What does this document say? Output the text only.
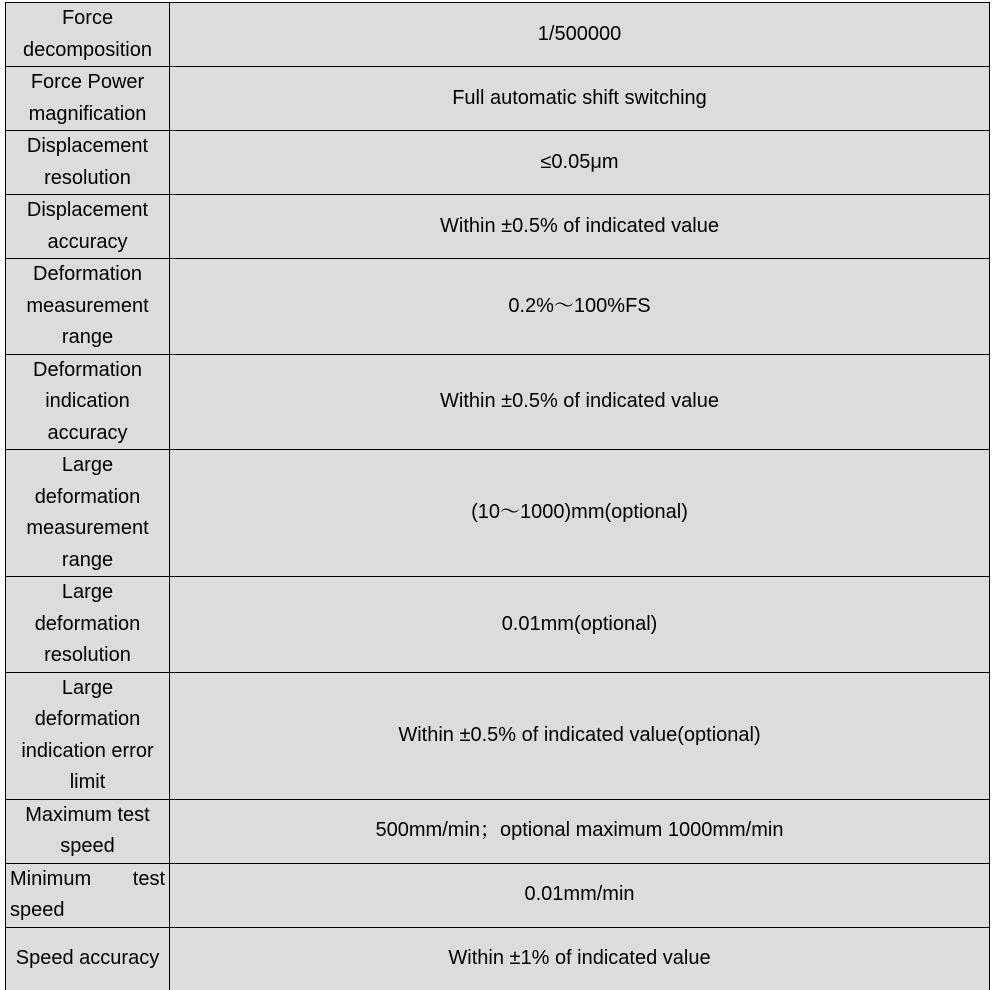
Force decomposition	1/500000
Force Power magnification	Full automatic shift switching
Displacement resolution	≤0.05μm
Displacement accuracy	Within ±0.5% of indicated value
Deformation measurement range	0.2%～100%FS
Deformation indication accuracy	Within ±0.5% of indicated value
Large deformation measurement range	(10～1000)mm(optional)
Large deformation resolution	0.01mm(optional)
Large deformation indication error limit	Within ±0.5% of indicated value(optional)
Maximum test speed	500mm/min；optional maximum 1000mm/min
Minimum test speed	0.01mm/min
Speed accuracy	Within ±1% of indicated value
